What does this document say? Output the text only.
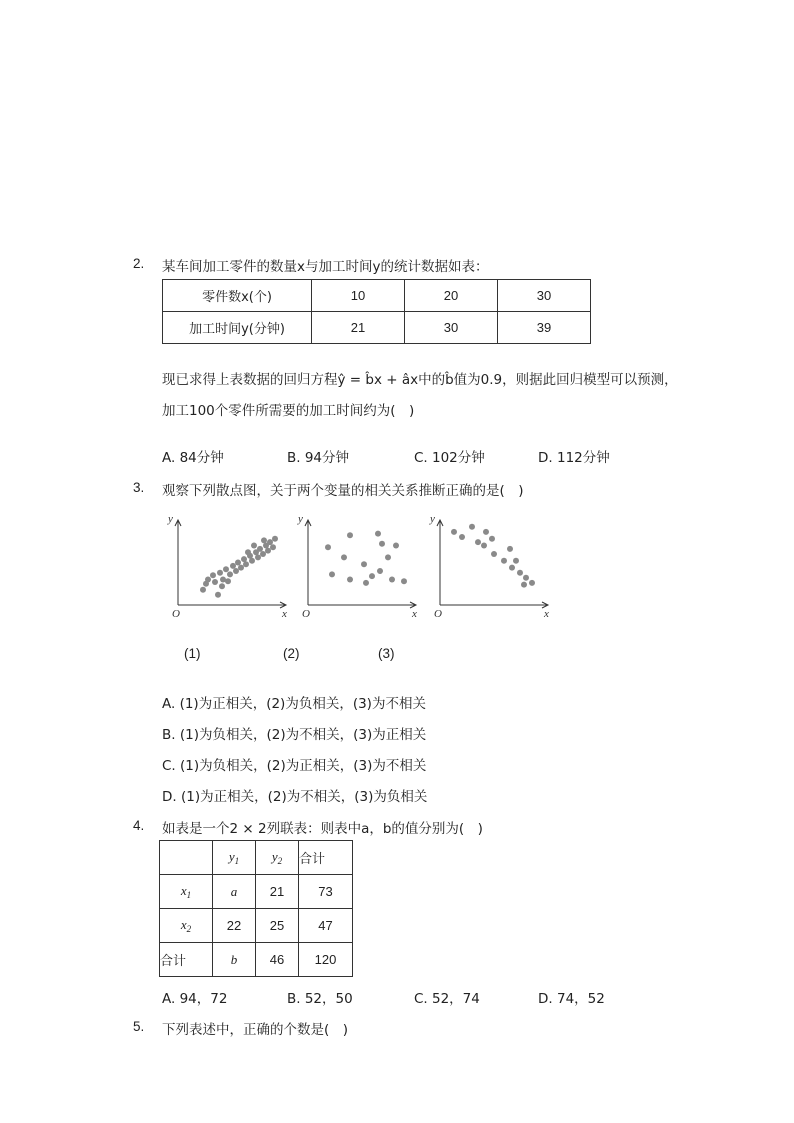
2. 某车间加工零件的数量x与加工时间y的统计数据如表：
零件数x(个)	10	20	30
加工时间y(分钟)	21	30	39
现已求得上表数据的回归方程ŷ = b̂x + âx中的b̂值为0.9，则据此回归模型可以预测，
加工100个零件所需要的加工时间约为(　)
A. 84分钟	B. 94分钟	C. 102分钟	D. 112分钟
3. 观察下列散点图，关于两个变量的相关关系推断正确的是(　)
y
x
O
y
x
O
y
x
O
(1)	(2)	(3)
A. (1)为正相关，(2)为负相关，(3)为不相关
B. (1)为负相关，(2)为不相关，(3)为正相关
C. (1)为负相关，(2)为正相关，(3)为不相关
D. (1)为正相关，(2)为不相关，(3)为负相关
4. 如表是一个2 × 2列联表：则表中a，b的值分别为(　)
	$y_1$	$y_2$	合计
$x_1$	a	21	73
$x_2$	22	25	47
合计	b	46	120
A. 94，72	B. 52，50	C. 52，74	D. 74，52
5. 下列表述中，正确的个数是(　)
